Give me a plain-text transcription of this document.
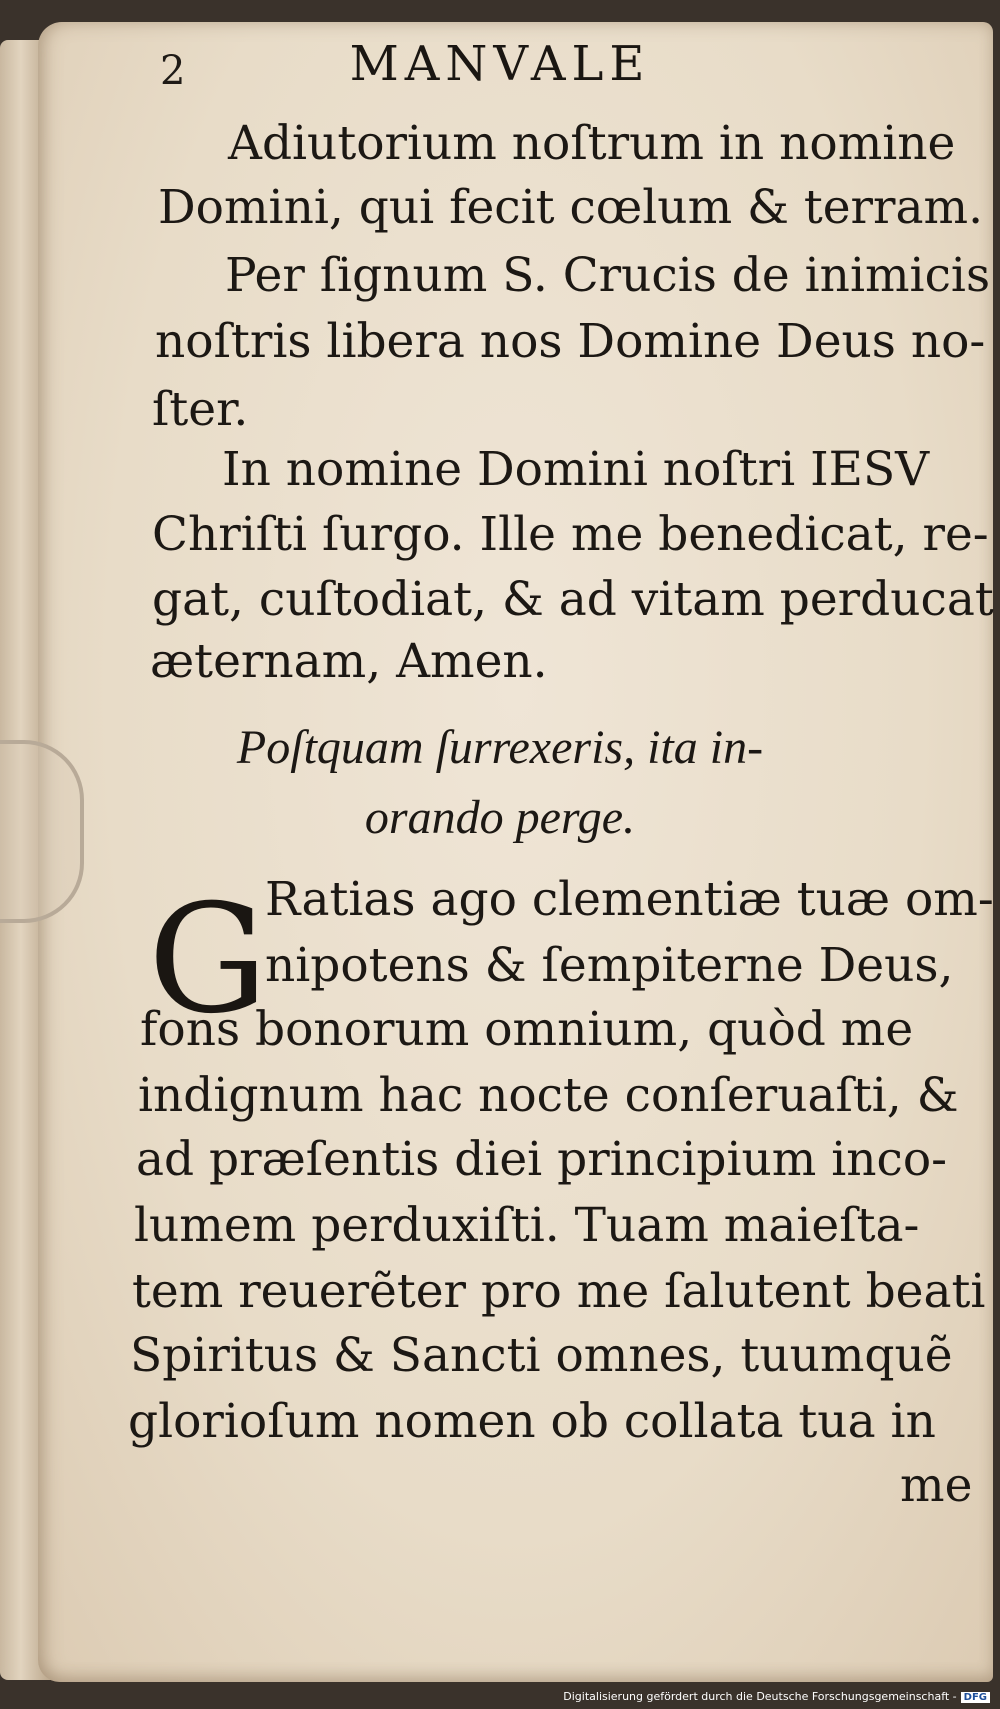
2	MANVALE
Adiutorium noſtrum in nomine
Domini, qui fecit cœlum & terram.
Per ſignum S. Crucis de inimicis
noſtris libera nos Domine Deus no-
ſter.
In nomine Domini noſtri IESV
Chriſti ſurgo. Ille me benedicat, re-
gat, cuſtodiat, & ad vitam perducat
æternam, Amen.
Poſtquam ſurrexeris, ita in-
orando perge.
G
Ratias ago clementiæ tuæ om-
nipotens & ſempiterne Deus,
fons bonorum omnium, quòd me
indignum hac nocte conſeruaſti, &
ad præſentis diei principium inco-
lumem perduxiſti. Tuam maieſta-
tem reuerẽter pro me ſalutent beati
Spiritus & Sancti omnes, tuumquẽ
glorioſum nomen ob collata tua in
me
Digitalisierung gefördert durch die Deutsche Forschungsgemeinschaft - DFG
